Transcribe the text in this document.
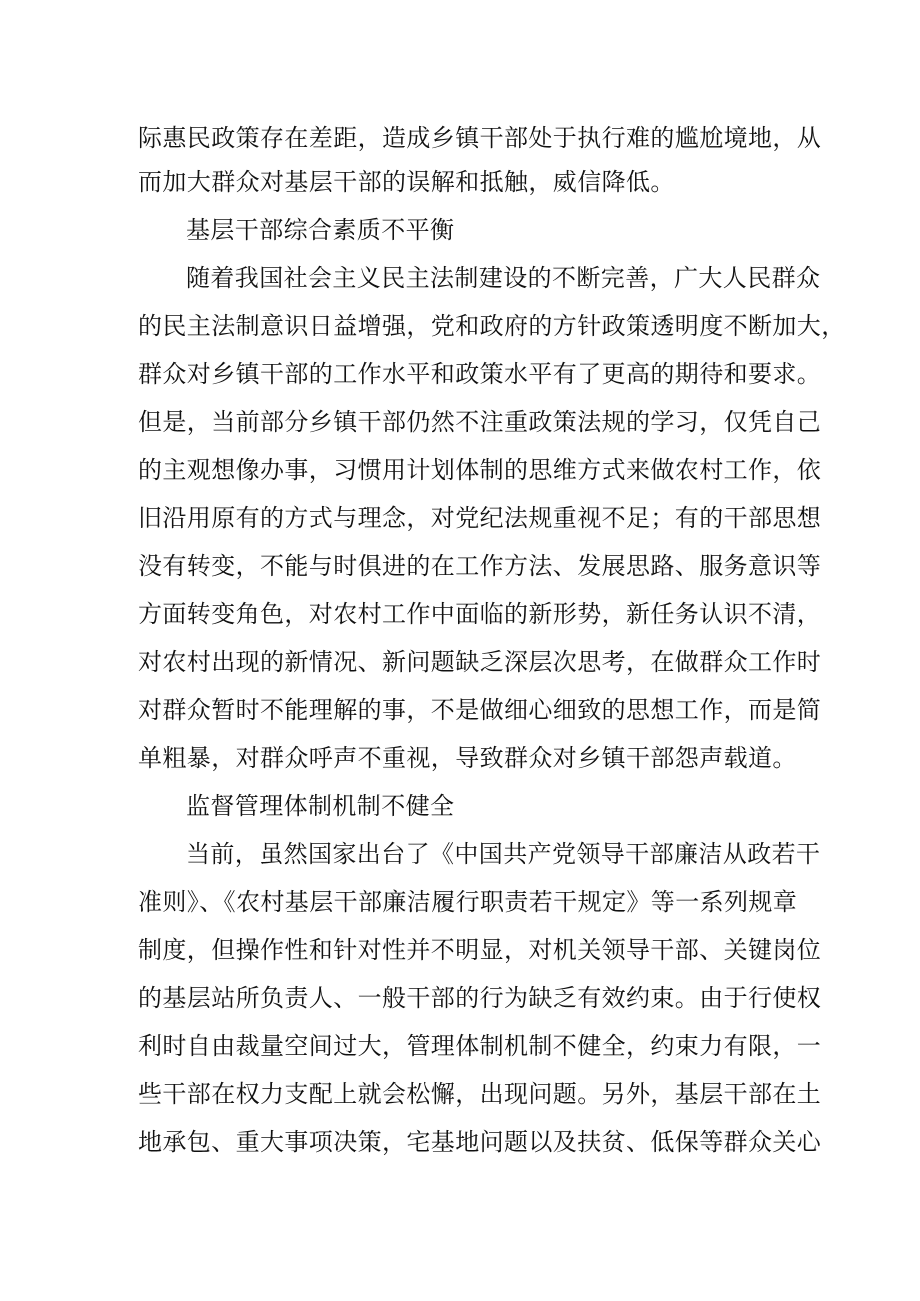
际惠民政策存在差距，造成乡镇干部处于执行难的尴尬境地，从
而加大群众对基层干部的误解和抵触，威信降低。
基层干部综合素质不平衡
随着我国社会主义民主法制建设的不断完善，广大人民群众
的民主法制意识日益增强，党和政府的方针政策透明度不断加大，
群众对乡镇干部的工作水平和政策水平有了更高的期待和要求。
但是，当前部分乡镇干部仍然不注重政策法规的学习，仅凭自己
的主观想像办事，习惯用计划体制的思维方式来做农村工作，依
旧沿用原有的方式与理念，对党纪法规重视不足；有的干部思想
没有转变，不能与时俱进的在工作方法、发展思路、服务意识等
方面转变角色，对农村工作中面临的新形势，新任务认识不清，
对农村出现的新情况、新问题缺乏深层次思考，在做群众工作时
对群众暂时不能理解的事，不是做细心细致的思想工作，而是简
单粗暴，对群众呼声不重视，导致群众对乡镇干部怨声载道。
监督管理体制机制不健全
当前，虽然国家出台了《中国共产党领导干部廉洁从政若干
准则》、《农村基层干部廉洁履行职责若干规定》等一系列规章
制度，但操作性和针对性并不明显，对机关领导干部、关键岗位
的基层站所负责人、一般干部的行为缺乏有效约束。由于行使权
利时自由裁量空间过大，管理体制机制不健全，约束力有限，一
些干部在权力支配上就会松懈，出现问题。另外，基层干部在土
地承包、重大事项决策，宅基地问题以及扶贫、低保等群众关心
